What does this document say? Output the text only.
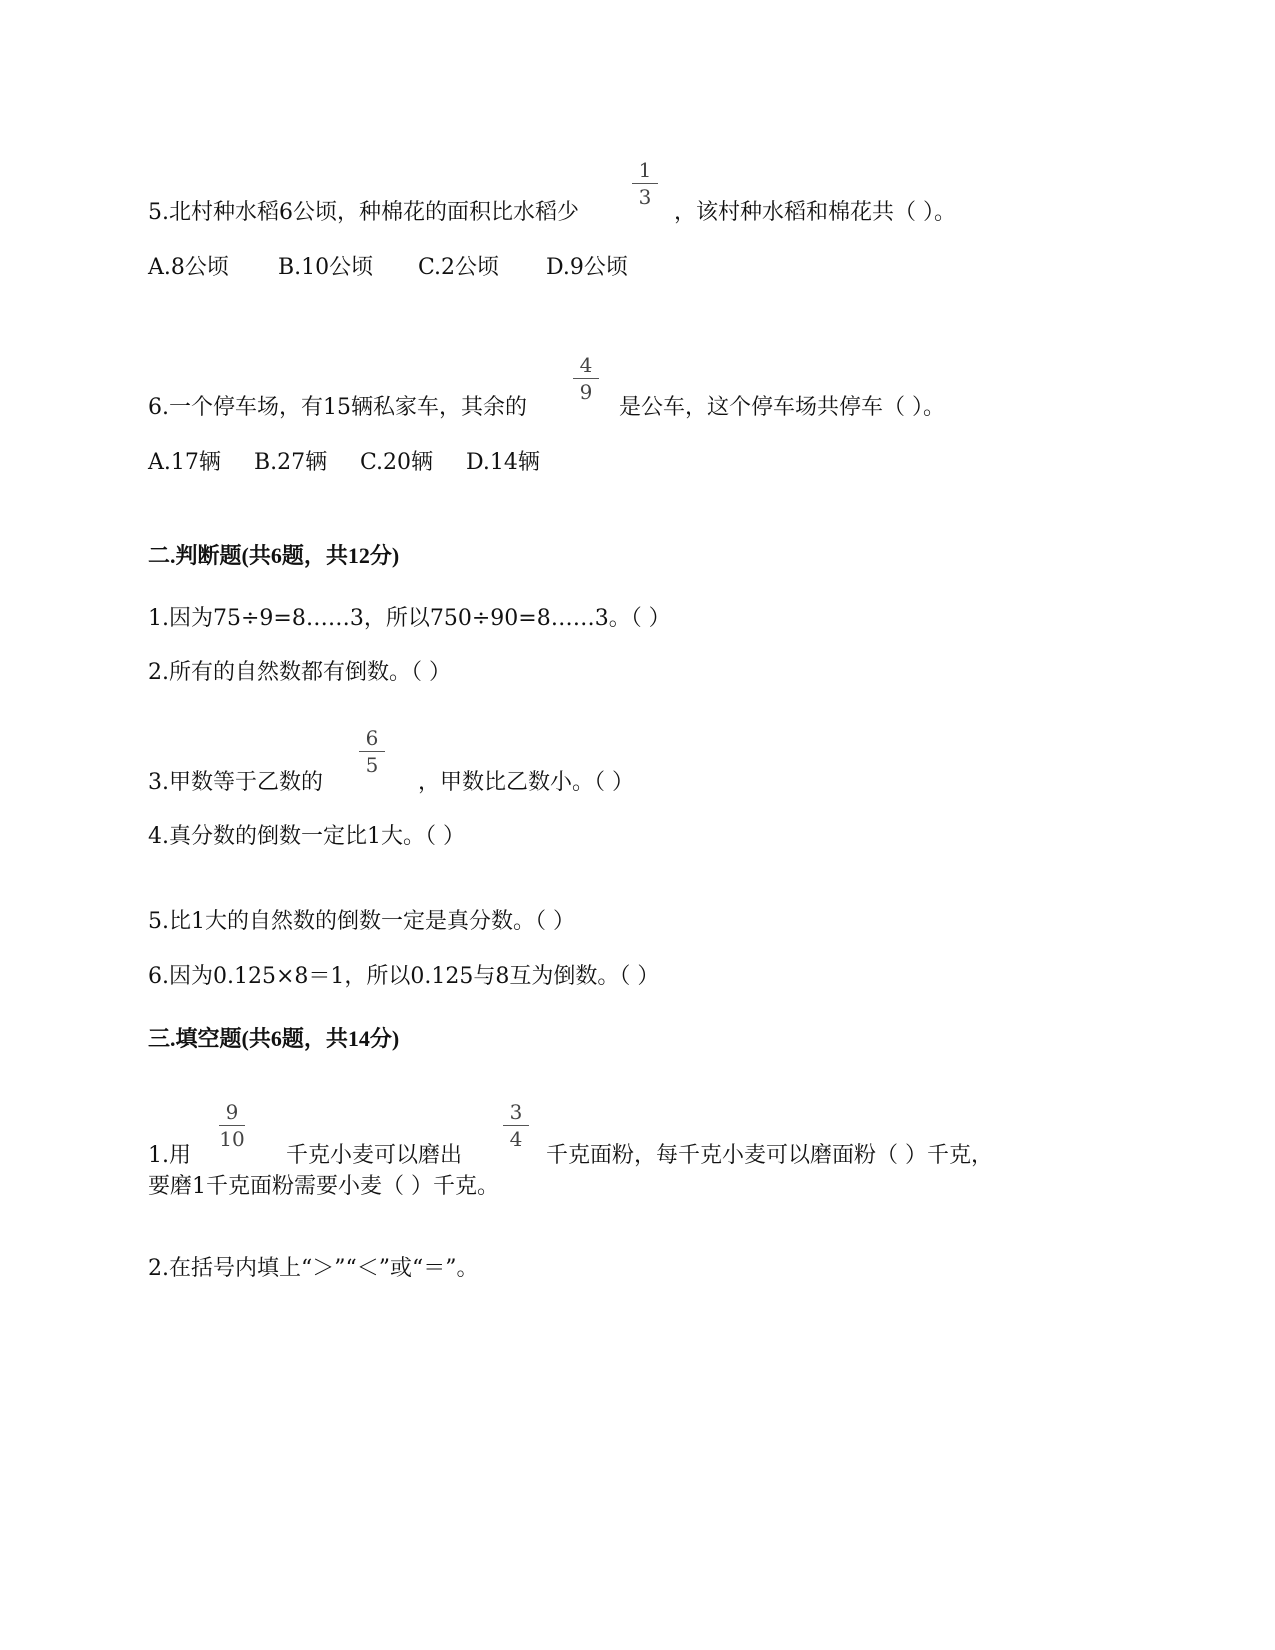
1
3
5.北村种水稻6公顷，种棉花的面积比水稻少	，该村种水稻和棉花共（ ）。
A.8公顷 B.10公顷 C.2公顷 D.9公顷
4
9
6.一个停车场，有15辆私家车，其余的	是公车，这个停车场共停车（ ）。
A.17辆 B.27辆 C.20辆 D.14辆
二.判断题(共6题，共12分)
1.因为75÷9=8……3，所以750÷90=8……3。（ ）
2.所有的自然数都有倒数。（ ）
6
5
3.甲数等于乙数的	，甲数比乙数小。（ ）
4.真分数的倒数一定比1大。（ ）
5.比1大的自然数的倒数一定是真分数。（ ）
6.因为0.125×8＝1，所以0.125与8互为倒数。（ ）
三.填空题(共6题，共14分)
9
10
3
4
1.用	千克小麦可以磨出	千克面粉，每千克小麦可以磨面粉（ ）千克，
要磨1千克面粉需要小麦（ ）千克。
2.在括号内填上“＞”“＜”或“＝”。
